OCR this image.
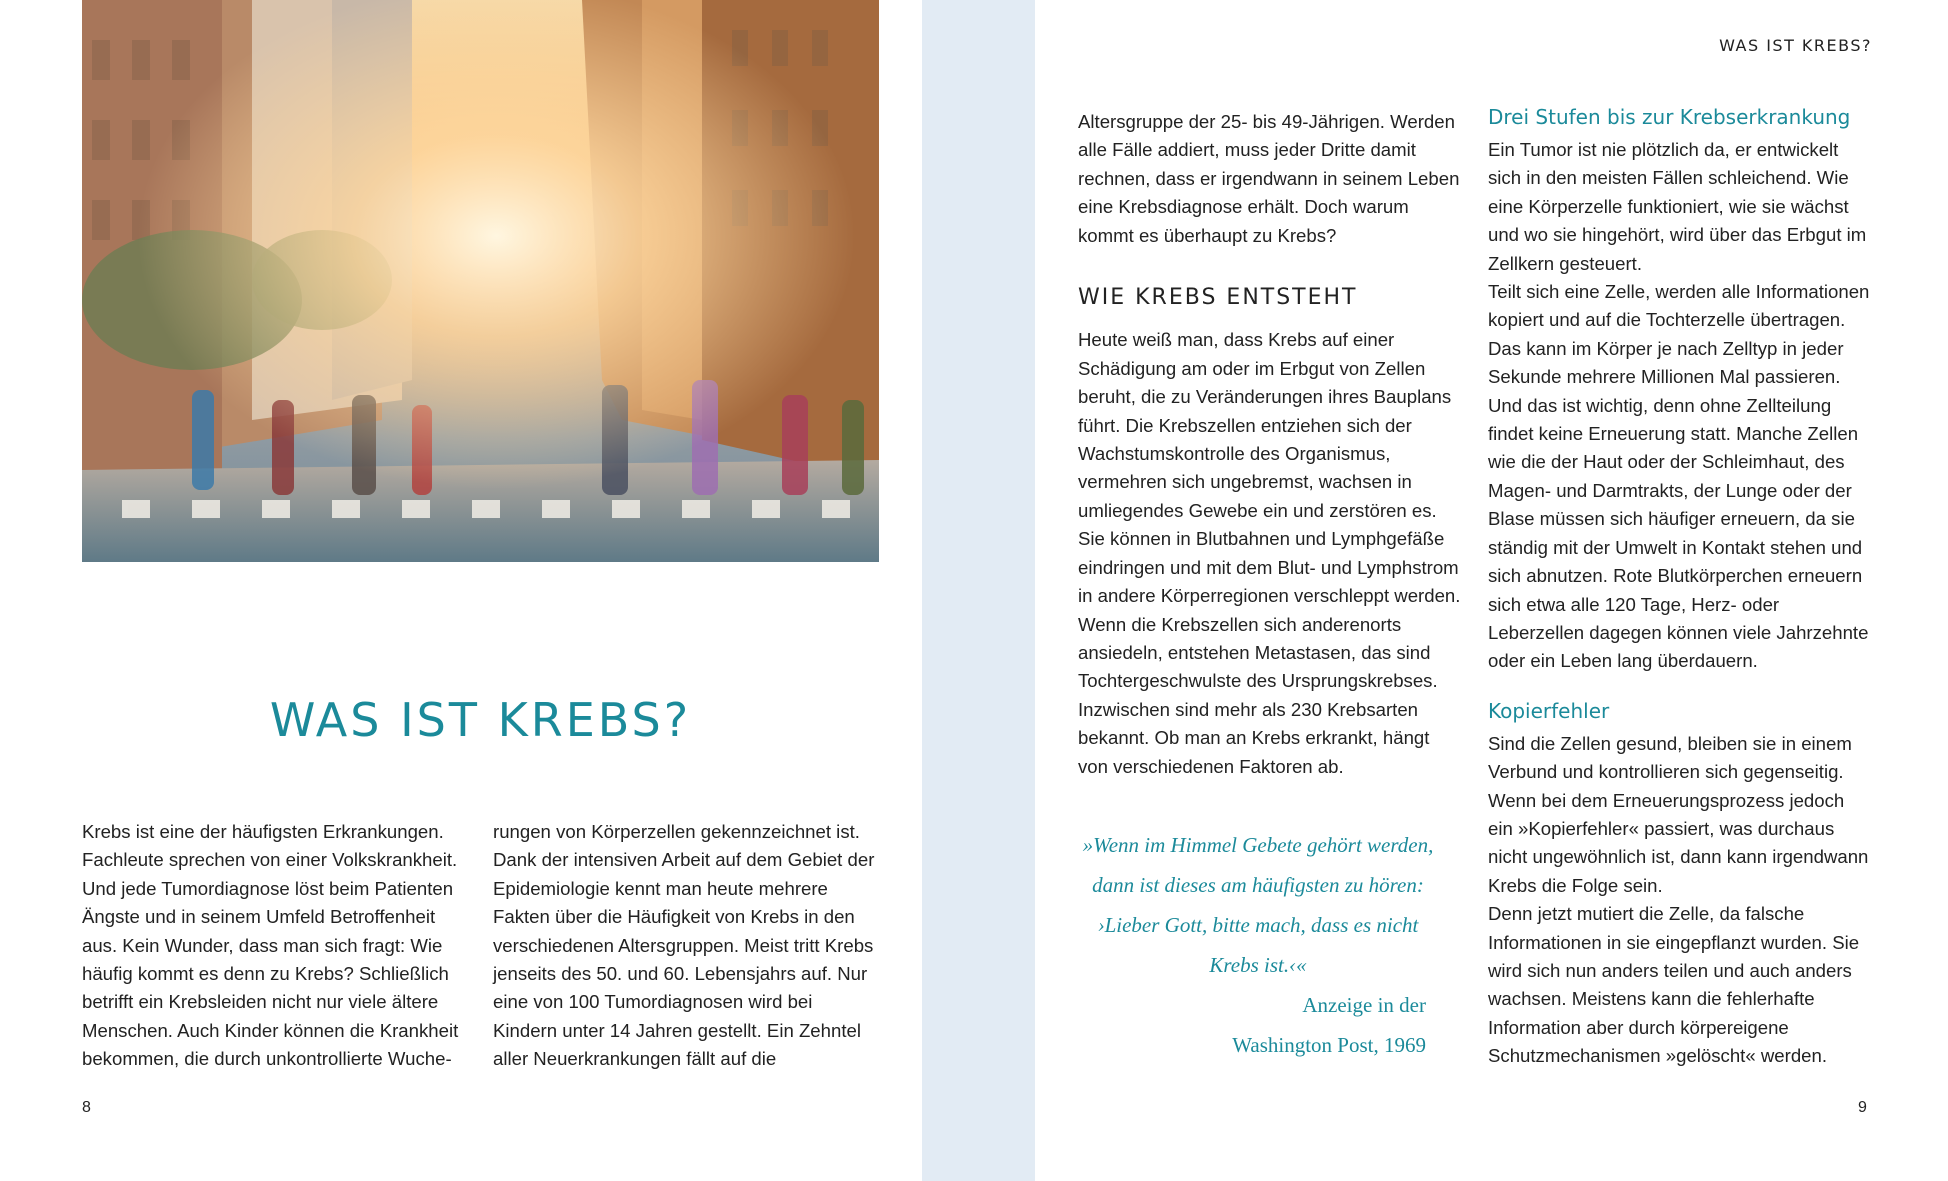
WAS IST KREBS?

Krebs ist eine der häufigsten Erkrankungen. Fachleute sprechen von einer Volkskrankheit. Und jede Tumordiagnose löst beim Patienten Ängste und in seinem Umfeld Betroffenheit aus. Kein Wunder, dass man sich fragt: Wie häufig kommt es denn zu Krebs? Schließlich betrifft ein Krebsleiden nicht nur viele ältere Menschen. Auch Kinder können die Krankheit bekommen, die durch unkontrollierte Wuche-

rungen von Körperzellen gekennzeichnet ist. Dank der intensiven Arbeit auf dem Gebiet der Epidemiologie kennt man heute mehrere Fakten über die Häufigkeit von Krebs in den verschiedenen Altersgruppen. Meist tritt Krebs jenseits des 50. und 60. Lebensjahrs auf. Nur eine von 100 Tumordiagnosen wird bei Kindern unter 14 Jahren gestellt. Ein Zehntel aller Neuerkrankungen fällt auf die

8
WAS IST KREBS?

Altersgruppe der 25- bis 49-Jährigen. Werden alle Fälle addiert, muss jeder Dritte damit rechnen, dass er irgendwann in seinem Leben eine Krebsdiagnose erhält. Doch warum kommt es überhaupt zu Krebs?

WIE KREBS ENTSTEHT

Heute weiß man, dass Krebs auf einer Schädigung am oder im Erbgut von Zellen beruht, die zu Veränderungen ihres Bauplans führt. Die Krebszellen entziehen sich der Wachstumskontrolle des Organismus, vermehren sich ungebremst, wachsen in umliegendes Gewebe ein und zerstören es. Sie können in Blutbahnen und Lymphgefäße eindringen und mit dem Blut- und Lymphstrom in andere Körperregionen verschleppt werden.

Wenn die Krebszellen sich anderenorts ansiedeln, entstehen Metastasen, das sind Tochtergeschwulste des Ursprungskrebses. Inzwischen sind mehr als 230 Krebsarten bekannt. Ob man an Krebs erkrankt, hängt von verschiedenen Faktoren ab.

»Wenn im Himmel Gebete gehört werden, dann ist dieses am häufigsten zu hören: ›Lieber Gott, bitte mach, dass es nicht Krebs ist.‹«
Anzeige in der
Washington Post, 1969
Drei Stufen bis zur Krebserkrankung

Ein Tumor ist nie plötzlich da, er entwickelt sich in den meisten Fällen schleichend. Wie eine Körperzelle funktioniert, wie sie wächst und wo sie hingehört, wird über das Erbgut im Zellkern gesteuert.

Teilt sich eine Zelle, werden alle Informationen kopiert und auf die Tochterzelle übertragen. Das kann im Körper je nach Zelltyp in jeder Sekunde mehrere Millionen Mal passieren. Und das ist wichtig, denn ohne Zellteilung findet keine Erneuerung statt. Manche Zellen wie die der Haut oder der Schleimhaut, des Magen- und Darmtrakts, der Lunge oder der Blase müssen sich häufiger erneuern, da sie ständig mit der Umwelt in Kontakt stehen und sich abnutzen. Rote Blutkörperchen erneuern sich etwa alle 120 Tage, Herz- oder Leberzellen dagegen können viele Jahrzehnte oder ein Leben lang überdauern.

Kopierfehler

Sind die Zellen gesund, bleiben sie in einem Verbund und kontrollieren sich gegenseitig. Wenn bei dem Erneuerungsprozess jedoch ein »Kopierfehler« passiert, was durchaus nicht ungewöhnlich ist, dann kann irgendwann Krebs die Folge sein.

Denn jetzt mutiert die Zelle, da falsche Informationen in sie eingepflanzt wurden. Sie wird sich nun anders teilen und auch anders wachsen. Meistens kann die fehlerhafte Information aber durch körpereigene Schutzmechanismen »gelöscht« werden.

9
